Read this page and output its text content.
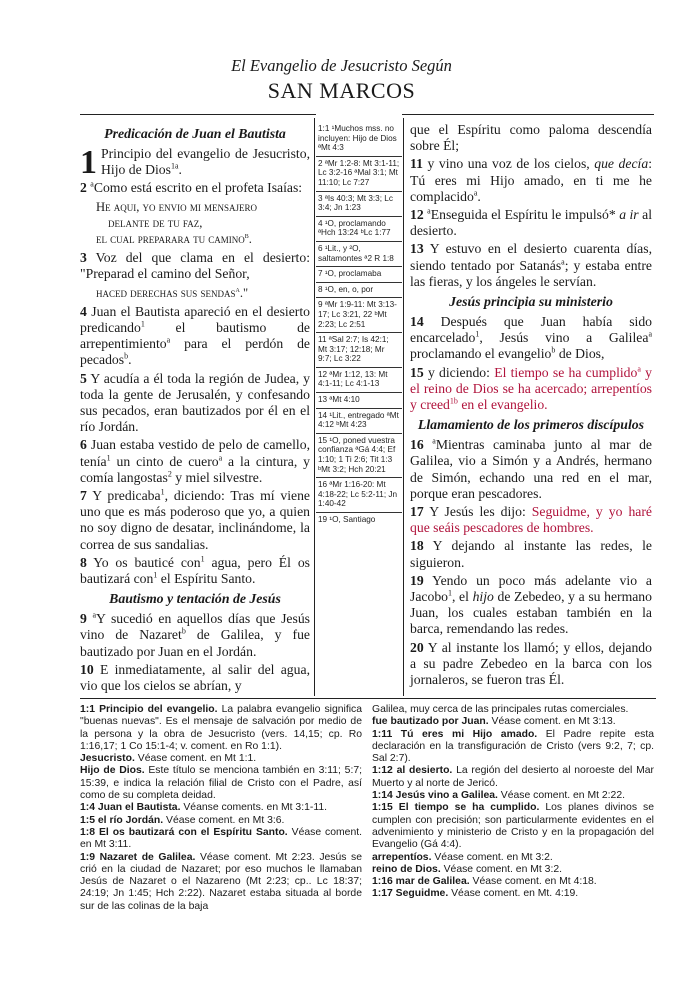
El Evangelio de Jesucristo Según
SAN MARCOS
Predicación de Juan el Bautista

1 Principio del evangelio de Jesucristo, Hijo de Dios$^{1a}$.

2 $^a$Como está escrito en el profeta Isaías:

He aqui, yo envio mi mensajero
delante de tu faz,
el cual preparara tu camino$^b$.

3 Voz del que clama en el desierto: "Preparad el camino del Señor,

haced derechas sus sendas$^a$."

4 Juan el Bautista apareció en el desierto predicando$^1$ el bautismo de arrepentimiento$^a$ para el perdón de pecados$^b$.

5 Y acudía a él toda la región de Judea, y toda la gente de Jerusalén, y confesando sus pecados, eran bautizados por él en el río Jordán.

6 Juan estaba vestido de pelo de camello, tenía$^1$ un cinto de cuero$^a$ a la cintura, y comía langostas$^2$ y miel silvestre.

7 Y predicaba$^1$, diciendo: Tras mí viene uno que es más poderoso que yo, a quien no soy digno de desatar, inclinándome, la correa de sus sandalias.

8 Yo os bauticé con$^1$ agua, pero Él os bautizará con$^1$ el Espíritu Santo.

Bautismo y tentación de Jesús

9 $^a$Y sucedió en aquellos días que Jesús vino de Nazaret$^b$ de Galilea, y fue bautizado por Juan en el Jordán.

10 E inmediatamente, al salir del agua, vio que los cielos se abrían, y

1:1 ¹Muchos mss. no incluyen: Hijo de Dios ªMt 4:3
2 ªMr 1:2-8: Mt 3:1-11; Lc 3:2-16 ªMal 3:1; Mt 11:10; Lc 7:27
3 ªIs 40:3; Mt 3:3; Lc 3:4; Jn 1:23
4 ¹O, proclamando ªHch 13:24 ᵇLc 1:77
6 ¹Lit., y ²O, saltamontes ª2 R 1:8
7 ¹O, proclamaba
8 ¹O, en, o, por
9 ªMr 1:9-11: Mt 3:13-17; Lc 3:21, 22 ᵇMt 2:23; Lc 2:51
11 ªSal 2:7; Is 42:1; Mt 3:17; 12:18; Mr 9:7; Lc 3:22
12 ªMr 1:12, 13: Mt 4:1-11; Lc 4:1-13
13 ªMt 4:10
14 ¹Lit., entregado ªMt 4:12 ᵇMt 4:23
15 ¹O, poned vuestra confianza ªGá 4:4; Ef 1:10; 1 Ti 2:6; Tit 1:3 ᵇMt 3:2; Hch 20:21
16 ªMr 1:16-20: Mt 4:18-22; Lc 5:2-11; Jn 1:40-42
19 ¹O, Santiago

que el Espíritu como paloma descendía sobre Él;

11 y vino una voz de los cielos, que decía: Tú eres mi Hijo amado, en ti me he complacido$^a$.

12 $^a$Enseguida el Espíritu le impulsó* a ir al desierto.

13 Y estuvo en el desierto cuarenta días, siendo tentado por Satanás$^a$; y estaba entre las fieras, y los ángeles le servían.

Jesús principia su ministerio

14 Después que Juan había sido encarcelado$^1$, Jesús vino a Galilea$^a$ proclamando el evangelio$^b$ de Dios,

15 y diciendo: El tiempo se ha cumplido$^a$ y el reino de Dios se ha acercado; arrepentíos y creed$^{1b}$ en el evangelio.

Llamamiento de los primeros discípulos

16 $^a$Mientras caminaba junto al mar de Galilea, vio a Simón y a Andrés, hermano de Simón, echando una red en el mar, porque eran pescadores.

17 Y Jesús les dijo: Seguidme, y yo haré que seáis pescadores de hombres.

18 Y dejando al instante las redes, le siguieron.

19 Yendo un poco más adelante vio a Jacobo$^1$, el hijo de Zebedeo, y a su hermano Juan, los cuales estaban también en la barca, remendando las redes.

20 Y al instante los llamó; y ellos, dejando a su padre Zebedeo en la barca con los jornaleros, se fueron tras Él.

1:1 Principio del evangelio. La palabra evangelio significa "buenas nuevas". Es el mensaje de salvación por medio de la persona y la obra de Jesucristo (vers. 14,15; cp. Ro 1:16,17; 1 Co 15:1-4; v. coment. en Ro 1:1).

Jesucristo. Véase coment. en Mt 1:1.

Hijo de Dios. Este título se menciona también en 3:11; 5:7; 15:39, e indica la relación filial de Cristo con el Padre, así como de su completa deidad.

1:4 Juan el Bautista. Véanse coments. en Mt 3:1-11.

1:5 el río Jordán. Véase coment. en Mt 3:6.

1:8 El os bautizará con el Espíritu Santo. Véase coment. en Mt 3:11.

1:9 Nazaret de Galilea. Véase coment. Mt 2:23. Jesús se crió en la ciudad de Nazaret; por eso muchos le llamaban Jesús de Nazaret o el Nazareno (Mt 2:23; cp.. Lc 18:37; 24:19; Jn 1:45; Hch 2:22). Nazaret estaba situada al borde sur de las colinas de la baja

Galilea, muy cerca de las principales rutas comerciales.

fue bautizado por Juan. Véase coment. en Mt 3:13.

1:11 Tú eres mi Hijo amado. El Padre repite esta declaración en la transfiguración de Cristo (vers 9:2, 7; cp. Sal 2:7).

1:12 al desierto. La región del desierto al noroeste del Mar Muerto y al norte de Jericó.

1:14 Jesús vino a Galilea. Véase coment. en Mt 2:22.

1:15 El tiempo se ha cumplido. Los planes divinos se cumplen con precisión; son particularmente evidentes en el advenimiento y ministerio de Cristo y en la propagación del Evangelio (Gá 4:4).

arrepentíos. Véase coment. en Mt 3:2.

reino de Dios. Véase coment. en Mt 3:2.

1:16 mar de Galilea. Véase coment. en Mt 4:18.

1:17 Seguidme. Véase coment. en Mt. 4:19.
